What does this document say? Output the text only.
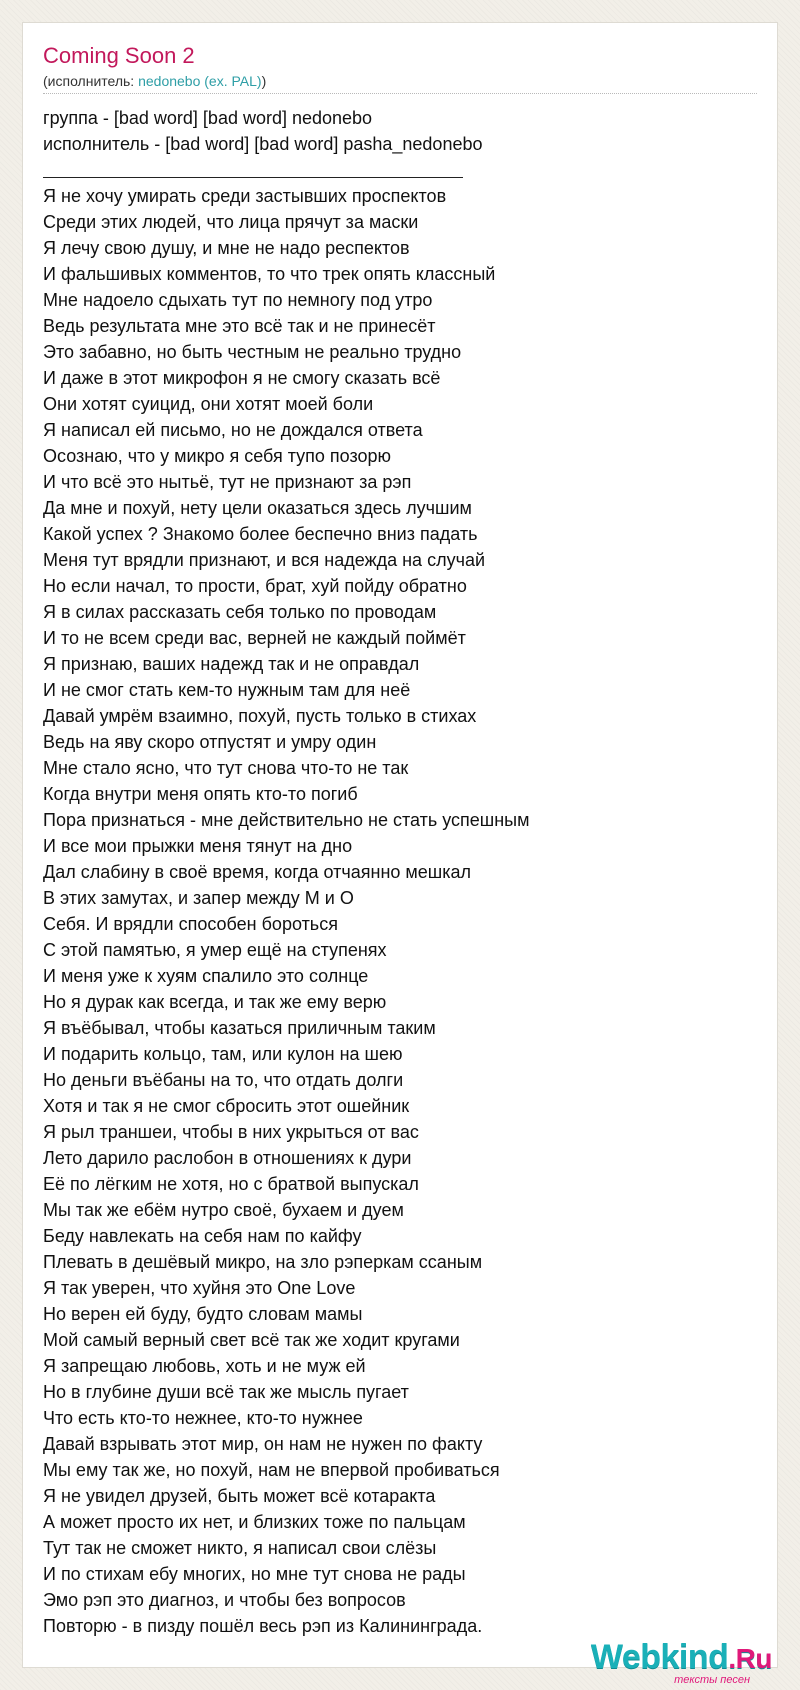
Coming Soon 2
(исполнитель: nedonebo (ex. PAL))
группа - [bad word] [bad word] nedonebo
исполнитель - [bad word] [bad word] pasha_nedonebo
Я не хочу умирать среди застывших проспектов
Среди этих людей, что лица прячут за маски
Я лечу свою душу, и мне не надо респектов
И фальшивых комментов, то что трек опять классный
Мне надоело сдыхать тут по немногу под утро
Ведь результата мне это всё так и не принесёт
Это забавно, но быть честным не реально трудно
И даже в этот микрофон я не смогу сказать всё
Они хотят суицид, они хотят моей боли
Я написал ей письмо, но не дождался ответа
Осознаю, что у микро я себя тупо позорю
И что всё это нытьё, тут не признают за рэп
Да мне и похуй, нету цели оказаться здесь лучшим
Какой успех ? Знакомо более беспечно вниз падать
Меня тут врядли признают, и вся надежда на случай
Но если начал, то прости, брат, хуй пойду обратно
Я в силах рассказать себя только по проводам
И то не всем среди вас, верней не каждый поймёт
Я признаю, ваших надежд так и не оправдал
И не смог стать кем-то нужным там для неё
Давай умрём взаимно, похуй, пусть только в стихах
Ведь на яву скоро отпустят и умру один
Мне стало ясно, что тут снова что-то не так
Когда внутри меня опять кто-то погиб
Пора признаться - мне действительно не стать успешным
И все мои прыжки меня тянут на дно
Дал слабину в своё время, когда отчаянно мешкал
В этих замутах, и запер между М и О
Себя. И врядли способен бороться
С этой памятью, я умер ещё на ступенях
И меня уже к хуям спалило это солнце
Но я дурак как всегда, и так же ему верю
Я въёбывал, чтобы казаться приличным таким
И подарить кольцо, там, или кулон на шею
Но деньги въёбаны на то, что отдать долги
Хотя и так я не смог сбросить этот ошейник
Я рыл траншеи, чтобы в них укрыться от вас
Лето дарило раслобон в отношениях к дури
Её по лёгким не хотя, но с братвой выпускал
Мы так же ебём нутро своё, бухаем и дуем
Беду навлекать на себя нам по кайфу
Плевать в дешёвый микро, на зло рэперкам ссаным
Я так уверен, что хуйня это One Love
Но верен ей буду, будто словам мамы
Мой самый верный свет всё так же ходит кругами
Я запрещаю любовь, хоть и не муж ей
Но в глубине души всё так же мысль пугает
Что есть кто-то нежнее, кто-то нужнее
Давай взрывать этот мир, он нам не нужен по факту
Мы ему так же, но похуй, нам не впервой пробиваться
Я не увидел друзей, быть может всё котаракта
А может просто их нет, и близких тоже по пальцам
Тут так не сможет никто, я написал свои слёзы
И по стихам ебу многих, но мне тут снова не рады
Эмо рэп это диагноз, и чтобы без вопросов
Повторю - в пизду пошёл весь рэп из Калининграда.
Webkind.Ru
тексты песен
